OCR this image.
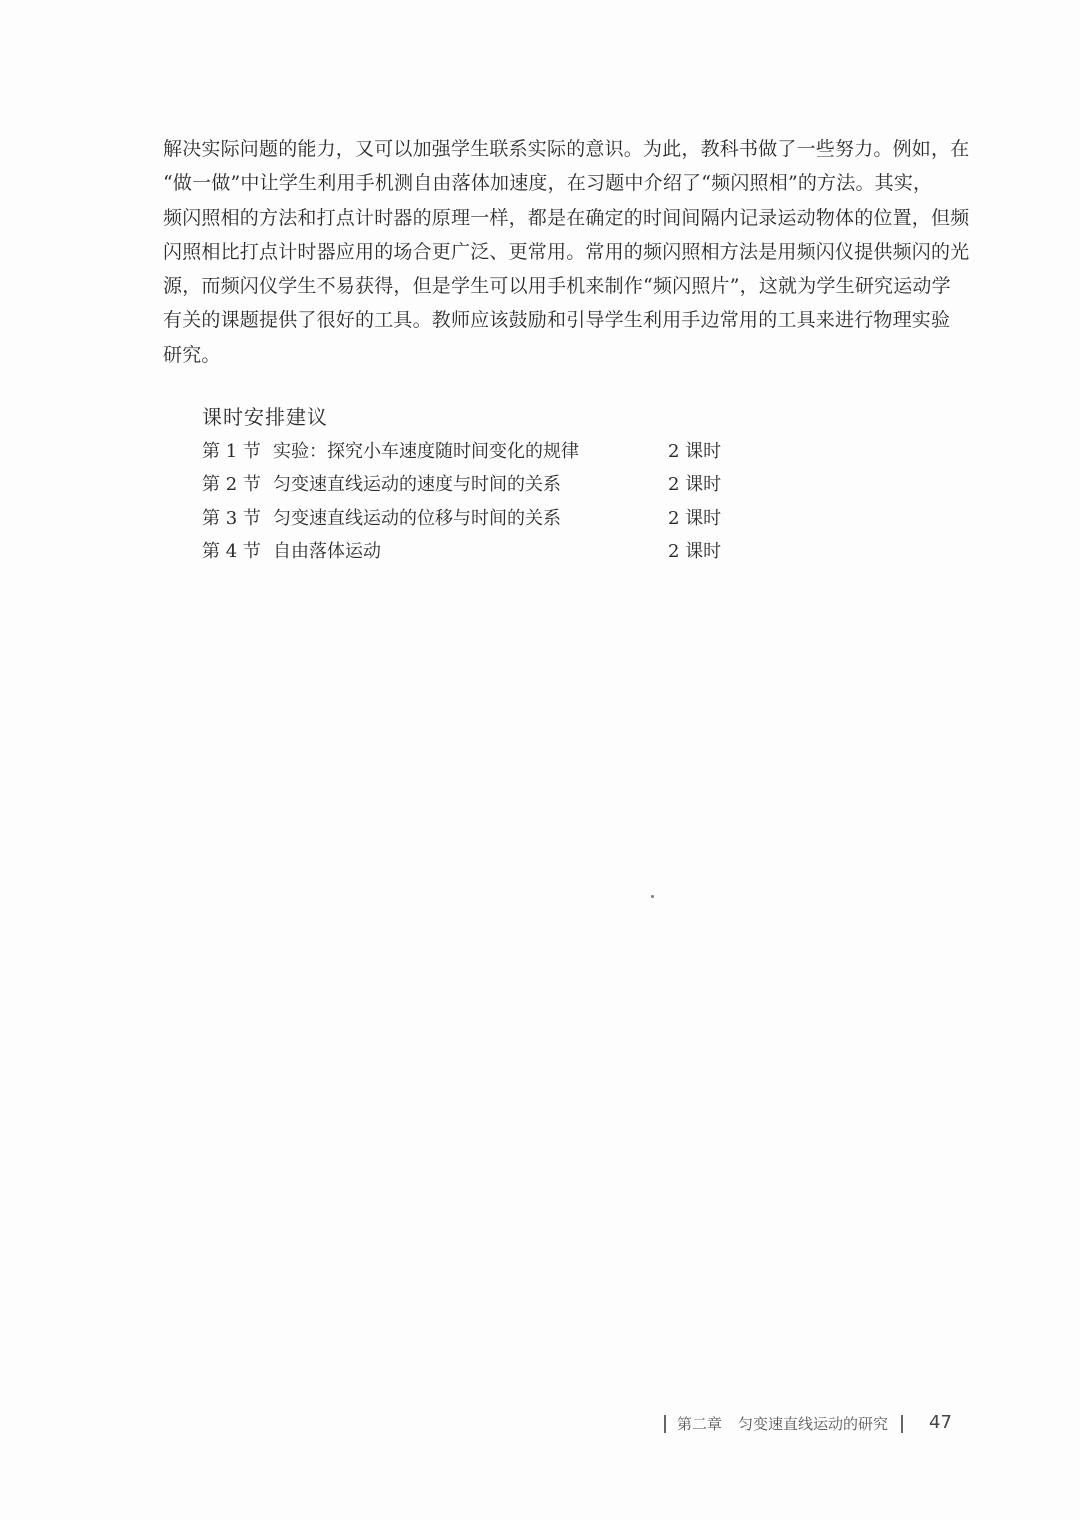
解决实际问题的能力，又可以加强学生联系实际的意识。为此，教科书做了一些努力。例如，在
“做一做”中让学生利用手机测自由落体加速度，在习题中介绍了“频闪照相”的方法。其实，
频闪照相的方法和打点计时器的原理一样，都是在确定的时间间隔内记录运动物体的位置，但频
闪照相比打点计时器应用的场合更广泛、更常用。常用的频闪照相方法是用频闪仪提供频闪的光
源，而频闪仪学生不易获得，但是学生可以用手机来制作“频闪照片”，这就为学生研究运动学
有关的课题提供了很好的工具。教师应该鼓励和引导学生利用手边常用的工具来进行物理实验
研究。

课时安排建议
第 1 节 实验：探究小车速度随时间变化的规律	2 课时
第 2 节 匀变速直线运动的速度与时间的关系	2 课时
第 3 节 匀变速直线运动的位移与时间的关系	2 课时
第 4 节 自由落体运动	2 课时
第二章 匀变速直线运动的研究 47
